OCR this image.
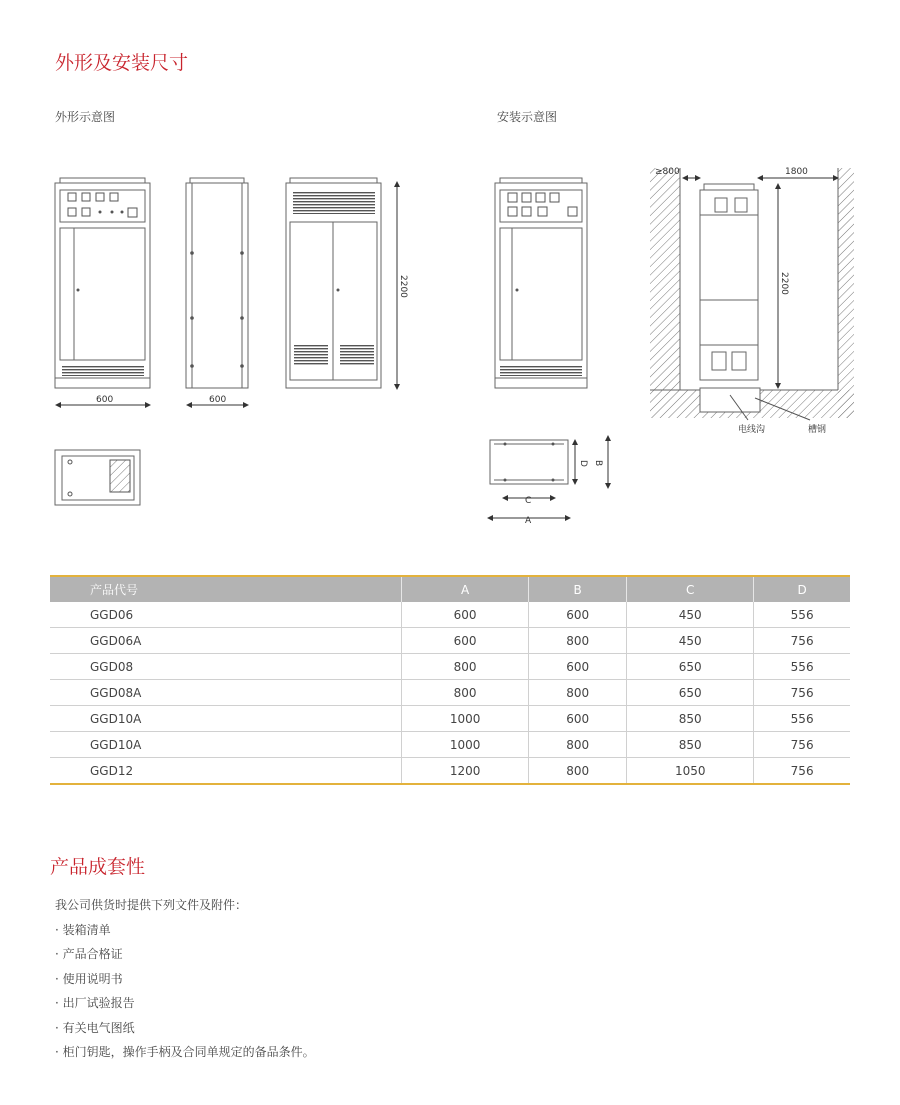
外形及安装尺寸
外形示意图	安装示意图
600	600
2200
≥800	1800
2200
电线沟	槽钢
D B
C
A
产品代号	A	B	C	D
GGD06	600	600	450	556
GGD06A	600	800	450	756
GGD08	800	600	650	556
GGD08A	800	800	650	756
GGD10A	1000	600	850	556
GGD10A	1000	800	850	756
GGD12	1200	800	1050	756
产品成套性
我公司供货时提供下列文件及附件：
· 装箱清单
· 产品合格证
· 使用说明书
· 出厂试验报告
· 有关电气图纸
· 柜门钥匙，操作手柄及合同单规定的备品条件。
